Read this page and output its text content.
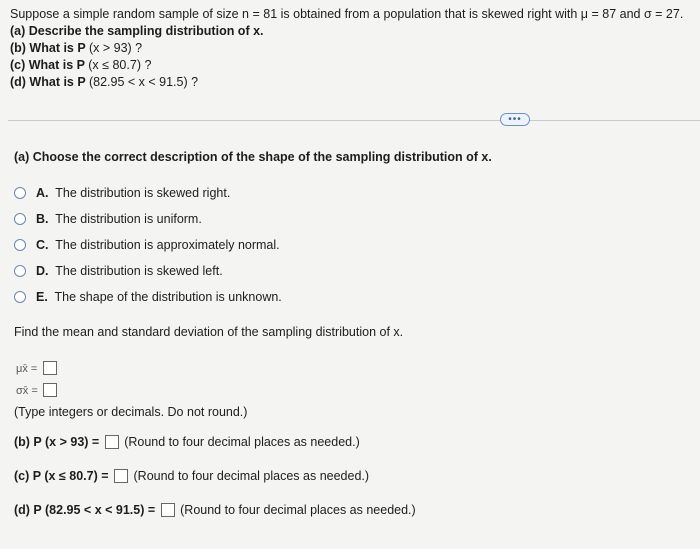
Suppose a simple random sample of size n = 81 is obtained from a population that is skewed right with μ = 87 and σ = 27.
(a) Describe the sampling distribution of x.
(b) What is P (x > 93) ?
(c) What is P (x ≤ 80.7) ?
(d) What is P (82.95 < x < 91.5) ?
•••
(a) Choose the correct description of the shape of the sampling distribution of x.
A. The distribution is skewed right.
B. The distribution is uniform.
C. The distribution is approximately normal.
D. The distribution is skewed left.
E. The shape of the distribution is unknown.
Find the mean and standard deviation of the sampling distribution of x.
μx̄ =
σx̄ =
(Type integers or decimals. Do not round.)
(b) P (x > 93) = (Round to four decimal places as needed.)
(c) P (x ≤ 80.7) = (Round to four decimal places as needed.)
(d) P (82.95 < x < 91.5) = (Round to four decimal places as needed.)
